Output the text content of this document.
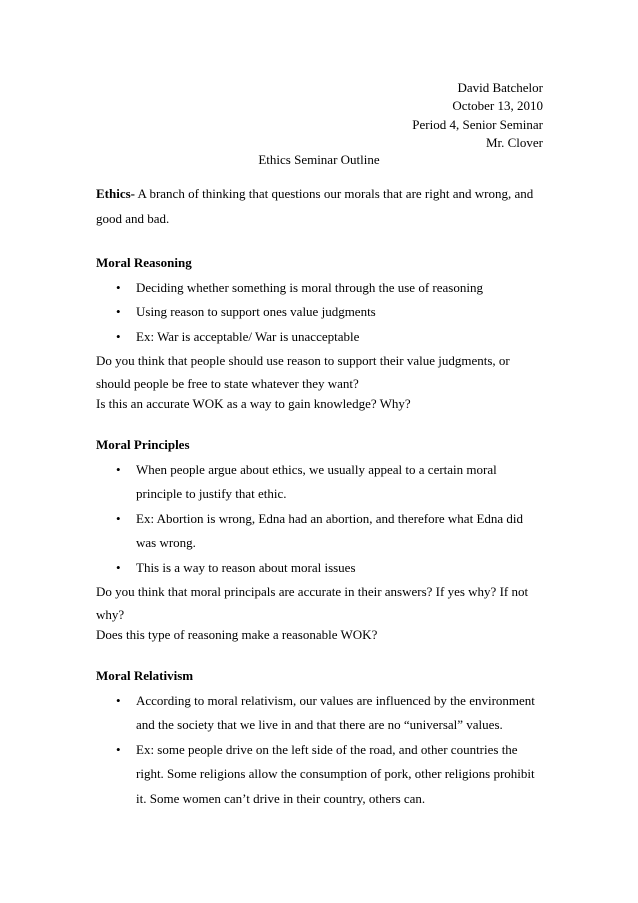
David Batchelor
October 13, 2010
Period 4, Senior Seminar
Mr. Clover
Ethics Seminar Outline

Ethics- A branch of thinking that questions our morals that are right and wrong, and good and bad.

Moral Reasoning

• Deciding whether something is moral through the use of reasoning
• Using reason to support ones value judgments
• Ex: War is acceptable/ War is unacceptable

Do you think that people should use reason to support their value judgments, or should people be free to state whatever they want?

Is this an accurate WOK as a way to gain knowledge? Why?

Moral Principles

• When people argue about ethics, we usually appeal to a certain moral principle to justify that ethic.
• Ex: Abortion is wrong, Edna had an abortion, and therefore what Edna did was wrong.
• This is a way to reason about moral issues

Do you think that moral principals are accurate in their answers? If yes why? If not why?

Does this type of reasoning make a reasonable WOK?

Moral Relativism

• According to moral relativism, our values are influenced by the environment and the society that we live in and that there are no “universal” values.
• Ex: some people drive on the left side of the road, and other countries the right. Some religions allow the consumption of pork, other religions prohibit it. Some women can’t drive in their country, others can.
